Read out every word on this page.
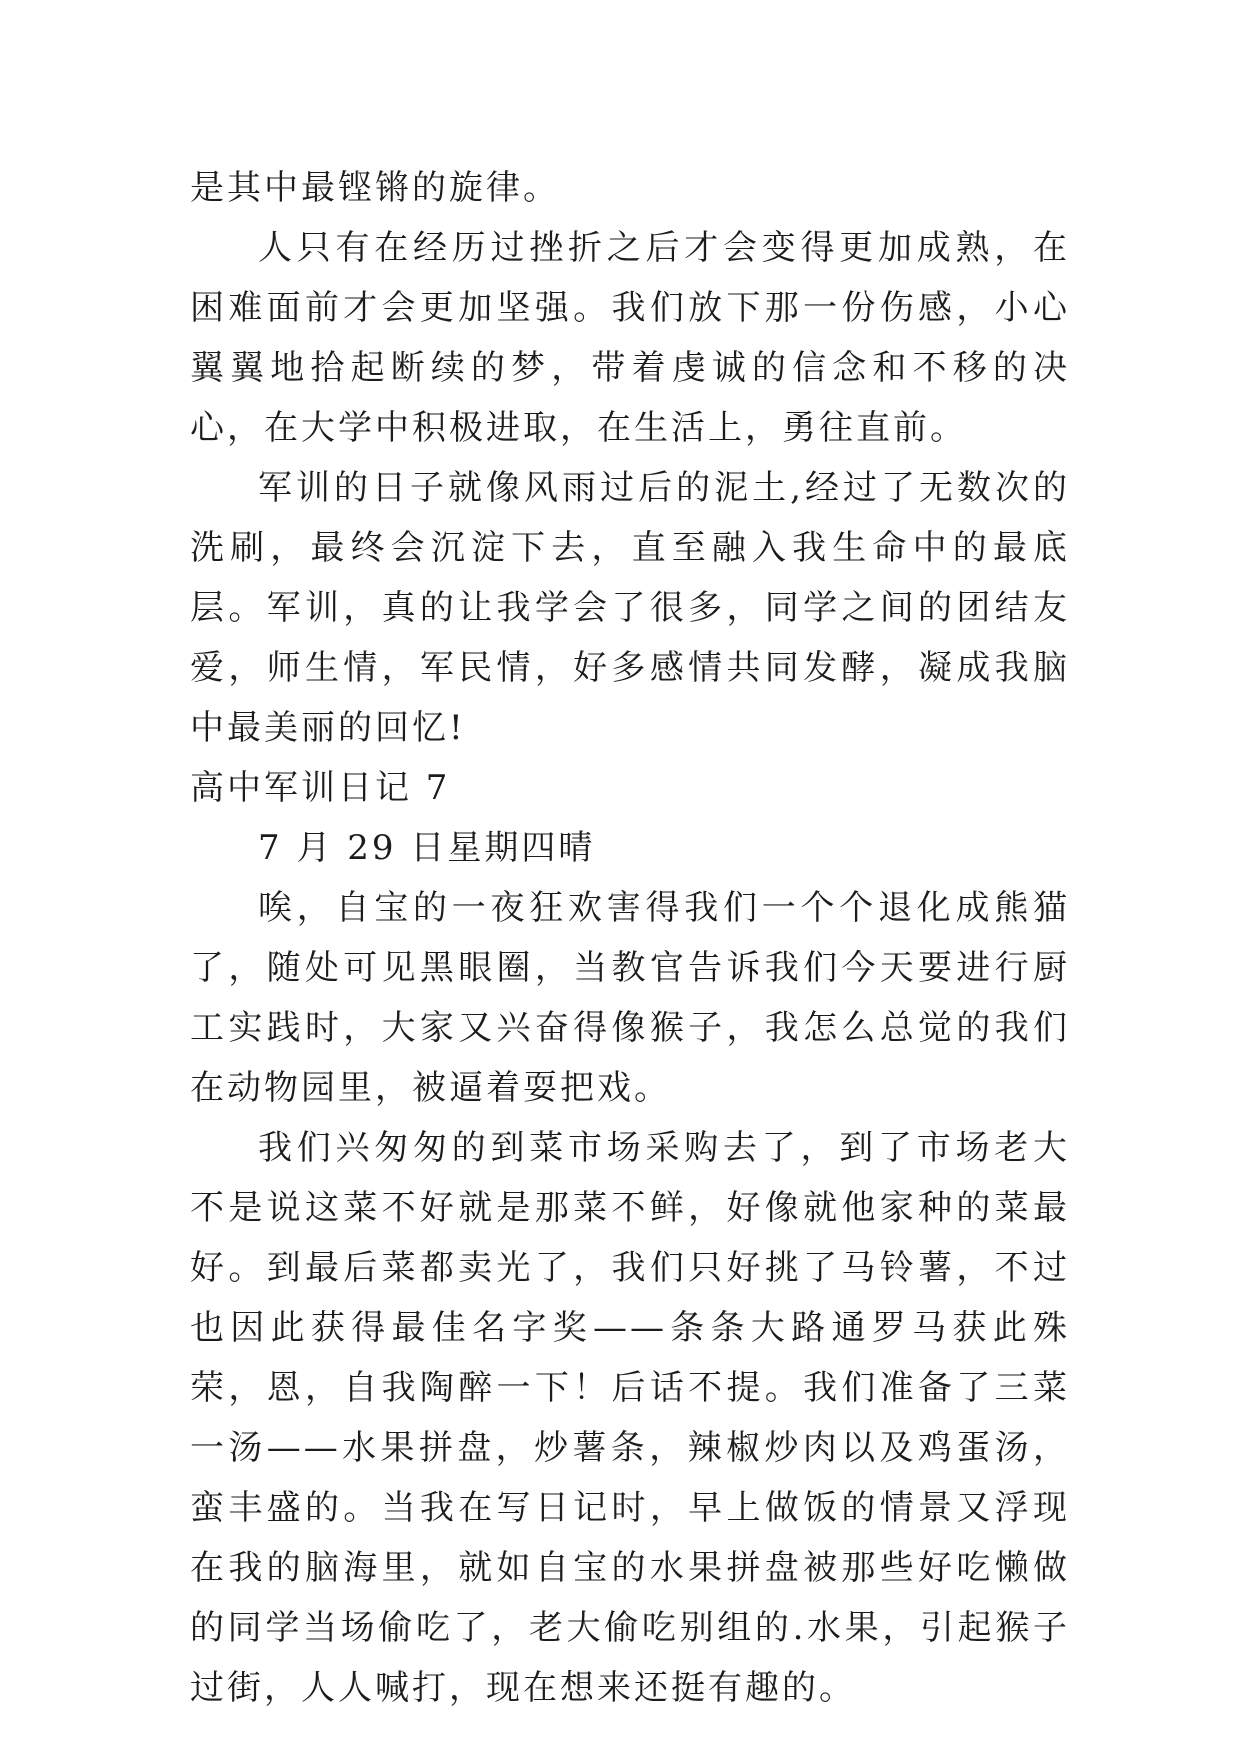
是其中最铿锵的旋律。

人只有在经历过挫折之后才会变得更加成熟，在困难面前才会更加坚强。我们放下那一份伤感，小心翼翼地拾起断续的梦，带着虔诚的信念和不移的决心，在大学中积极进取，在生活上，勇往直前。

军训的日子就像风雨过后的泥土,经过了无数次的洗刷，最终会沉淀下去，直至融入我生命中的最底层。军训，真的让我学会了很多，同学之间的团结友爱，师生情，军民情，好多感情共同发酵，凝成我脑中最美丽的回忆!

高中军训日记 7

7 月 29 日星期四晴

唉，自宝的一夜狂欢害得我们一个个退化成熊猫了，随处可见黑眼圈，当教官告诉我们今天要进行厨工实践时，大家又兴奋得像猴子，我怎么总觉的我们在动物园里，被逼着耍把戏。

我们兴匆匆的到菜市场采购去了，到了市场老大不是说这菜不好就是那菜不鲜，好像就他家种的菜最好。到最后菜都卖光了，我们只好挑了马铃薯，不过也因此获得最佳名字奖——条条大路通罗马获此殊荣，恩，自我陶醉一下！后话不提。我们准备了三菜一汤——水果拼盘，炒薯条，辣椒炒肉以及鸡蛋汤，蛮丰盛的。当我在写日记时，早上做饭的情景又浮现在我的脑海里，就如自宝的水果拼盘被那些好吃懒做的同学当场偷吃了，老大偷吃别组的.水果，引起猴子过街，人人喊打，现在想来还挺有趣的。
